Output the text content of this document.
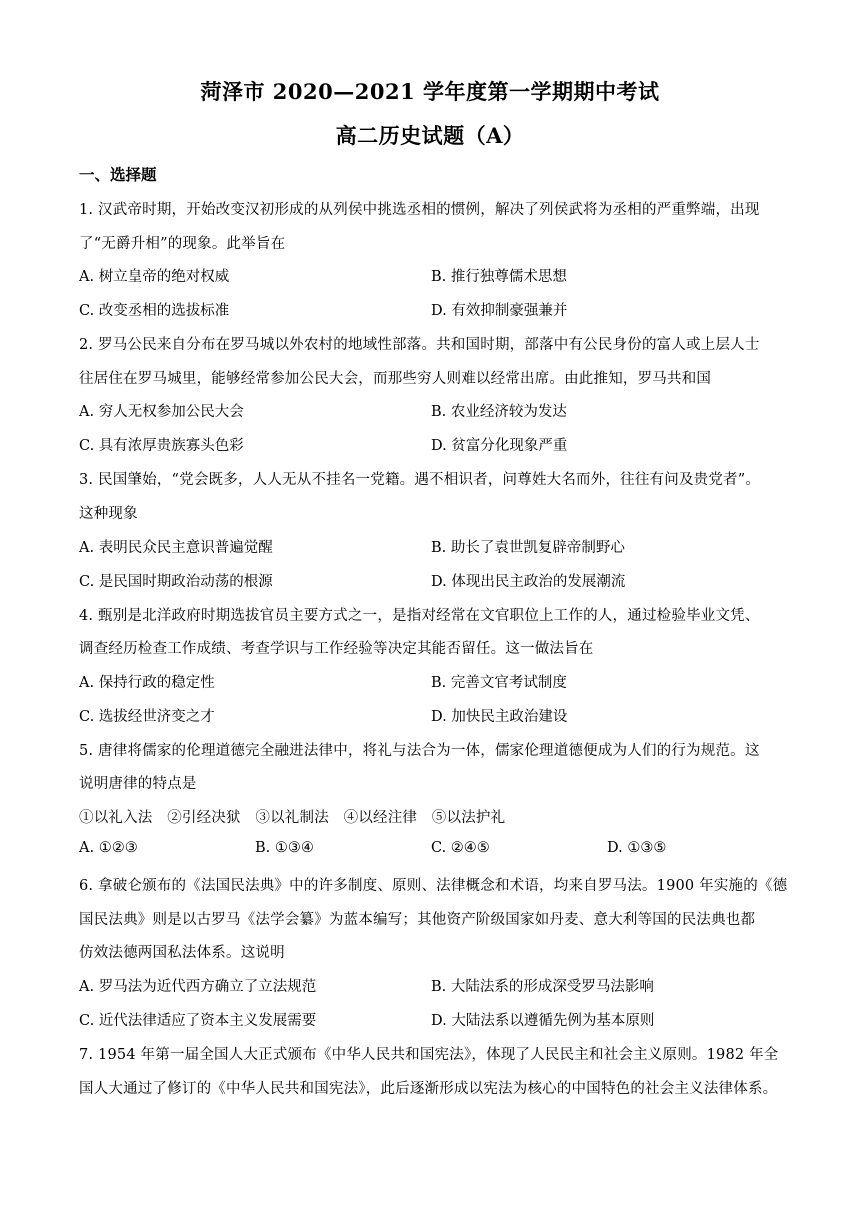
菏泽市 2020—2021 学年度第一学期期中考试
高二历史试题（A）
一、选择题
1. 汉武帝时期，开始改变汉初形成的从列侯中挑选丞相的惯例，解决了列侯武将为丞相的严重弊端，出现
了“无爵升相”的现象。此举旨在
A. 树立皇帝的绝对权威	B. 推行独尊儒术思想
C. 改变丞相的选拔标准	D. 有效抑制豪强兼并
2. 罗马公民来自分布在罗马城以外农村的地域性部落。共和国时期，部落中有公民身份的富人或上层人士
往居住在罗马城里，能够经常参加公民大会，而那些穷人则难以经常出席。由此推知，罗马共和国
A. 穷人无权参加公民大会	B. 农业经济较为发达
C. 具有浓厚贵族寡头色彩	D. 贫富分化现象严重
3. 民国肇始，“党会既多，人人无从不挂名一党籍。遇不相识者，问尊姓大名而外，往往有问及贵党者”。
这种现象
A. 表明民众民主意识普遍觉醒	B. 助长了袁世凯复辟帝制野心
C. 是民国时期政治动荡的根源	D. 体现出民主政治的发展潮流
4. 甄别是北洋政府时期选拔官员主要方式之一，是指对经常在文官职位上工作的人，通过检验毕业文凭、
调查经历检查工作成绩、考查学识与工作经验等决定其能否留任。这一做法旨在
A. 保持行政的稳定性	B. 完善文官考试制度
C. 选拔经世济变之才	D. 加快民主政治建设
5. 唐律将儒家的伦理道德完全融进法律中，将礼与法合为一体，儒家伦理道德便成为人们的行为规范。这
说明唐律的特点是
①以礼入法　②引经决狱　③以礼制法　④以经注律　⑤以法护礼
A. ①②③	B. ①③④	C. ②④⑤	D. ①③⑤
6. 拿破仑颁布的《法国民法典》中的许多制度、原则、法律概念和术语，均来自罗马法。1900 年实施的《德
国民法典》则是以古罗马《法学会纂》为蓝本编写；其他资产阶级国家如丹麦、意大利等国的民法典也都
仿效法德两国私法体系。这说明
A. 罗马法为近代西方确立了立法规范	B. 大陆法系的形成深受罗马法影响
C. 近代法律适应了资本主义发展需要	D. 大陆法系以遵循先例为基本原则
7. 1954 年第一届全国人大正式颁布《中华人民共和国宪法》，体现了人民民主和社会主义原则。1982 年全
国人大通过了修订的《中华人民共和国宪法》，此后逐渐形成以宪法为核心的中国特色的社会主义法律体系。
